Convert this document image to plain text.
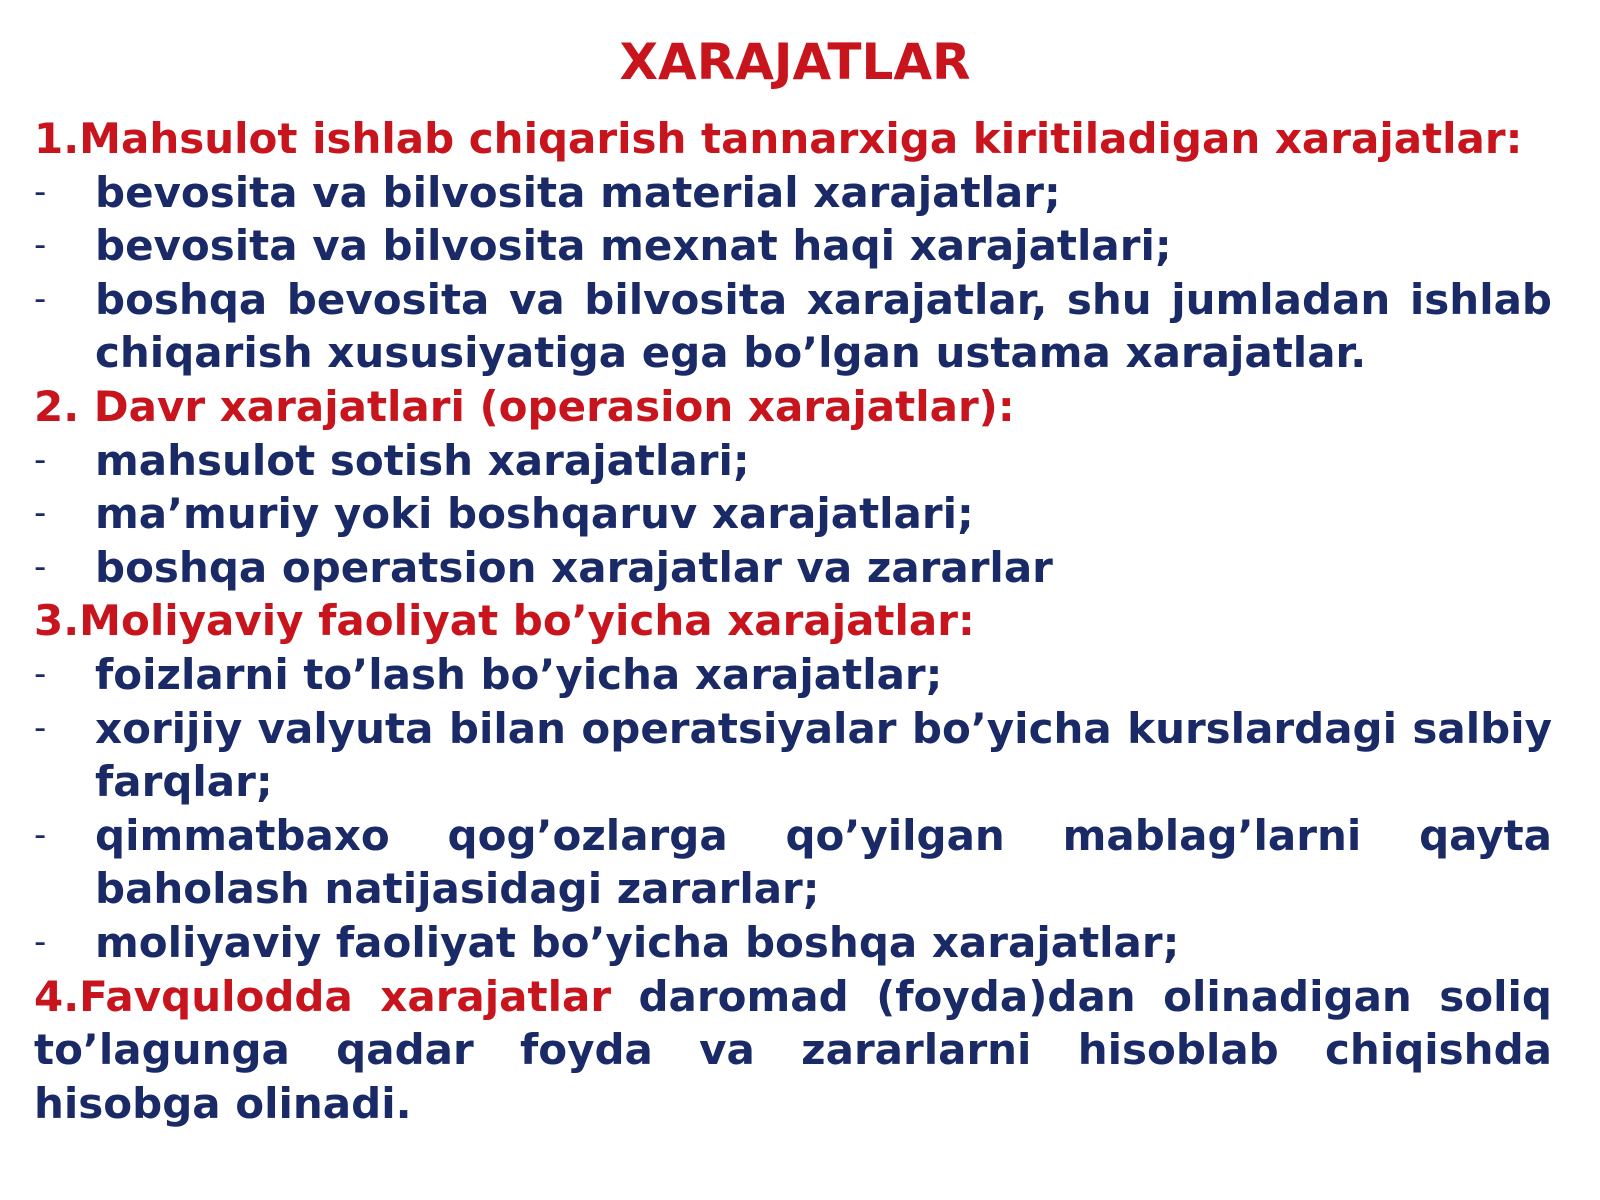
XARAJATLAR
1.Mahsulot ishlab chiqarish tannarxiga kiritiladigan xarajatlar:
- bevosita va bilvosita material xarajatlar;
- bevosita va bilvosita mexnat haqi xarajatlari;
- boshqa bevosita va bilvosita xarajatlar, shu jumladan ishlab chiqarish xususiyatiga ega bo’lgan ustama xarajatlar.
2. Davr xarajatlari (operasion xarajatlar):
- mahsulot sotish xarajatlari;
- ma’muriy yoki boshqaruv xarajatlari;
- boshqa operatsion xarajatlar va zararlar
3.Moliyaviy faoliyat bo’yicha xarajatlar:
- foizlarni to’lash bo’yicha xarajatlar;
- xorijiy valyuta bilan operatsiyalar bo’yicha kurslardagi salbiy farqlar;
- qimmatbaxo qog’ozlarga qo’yilgan mablag’larni qayta baholash natijasidagi zararlar;
- moliyaviy faoliyat bo’yicha boshqa xarajatlar;

4.Favqulodda xarajatlar daromad (foyda)dan olinadigan soliq to’lagunga qadar foyda va zararlarni hisoblab chiqishda hisobga olinadi.
